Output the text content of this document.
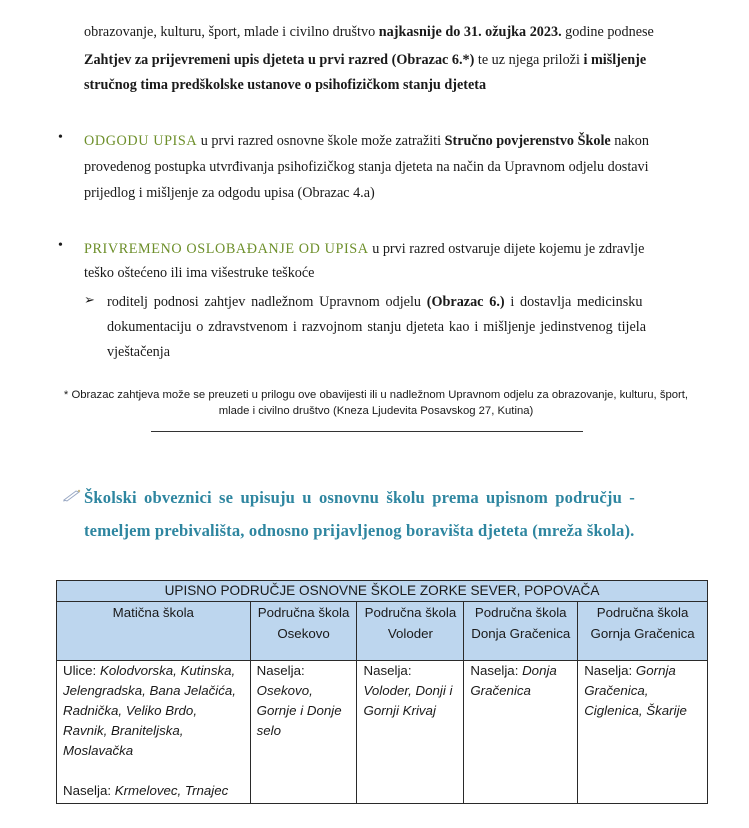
obrazovanje, kulturu, šport, mlade i civilno društvo najkasnije do 31. ožujka 2023. godine podnese
Zahtjev za prijevremeni upis djeteta u prvi razred (Obrazac 6.*) te uz njega priloži i mišljenje
stručnog tima predškolske ustanove o psihofizičkom stanju djeteta
• ODGODU UPISA u prvi razred osnovne škole može zatražiti Stručno povjerenstvo Škole nakon
provedenog postupka utvrđivanja psihofizičkog stanja djeteta na način da Upravnom odjelu dostavi
prijedlog i mišljenje za odgodu upisa (Obrazac 4.a)
• PRIVREMENO OSLOBAĐANJE OD UPISA u prvi razred ostvaruje dijete kojemu je zdravlje
teško oštećeno ili ima višestruke teškoće
➢ roditelj podnosi zahtjev nadležnom Upravnom odjelu (Obrazac 6.) i dostavlja medicinsku
dokumentaciju o zdravstvenom i razvojnom stanju djeteta kao i mišljenje jedinstvenog tijela
vještačenja
* Obrazac zahtjeva može se preuzeti u prilogu ove obavijesti ili u nadležnom Upravnom odjelu za obrazovanje, kulturu, šport,
mlade i civilno društvo (Kneza Ljudevita Posavskog 27, Kutina)
Školski obveznici se upisuju u osnovnu školu prema upisnom području -
temeljem prebivališta, odnosno prijavljenog boravišta djeteta (mreža škola).
UPISNO PODRUČJE OSNOVNE ŠKOLE ZORKE SEVER, POPOVAČA				
Matična škola	Područna škola Osekovo	Područna škola Voloder	Područna škola Donja Gračenica	Područna škola Gornja Gračenica

Ulice: Kolodvorska, Kutinska, Jelengradska, Bana Jelačića, Radnička, Veliko Brdo, Ravnik, Braniteljska, Moslavačka
Naselja: Krmelovec, Trnajec	Naselja: Osekovo, Gornje i Donje selo	Naselja: Voloder, Donji i Gornji Krivaj	Naselja: Donja Gračenica	Naselja: Gornja Gračenica, Ciglenica, Škarije
